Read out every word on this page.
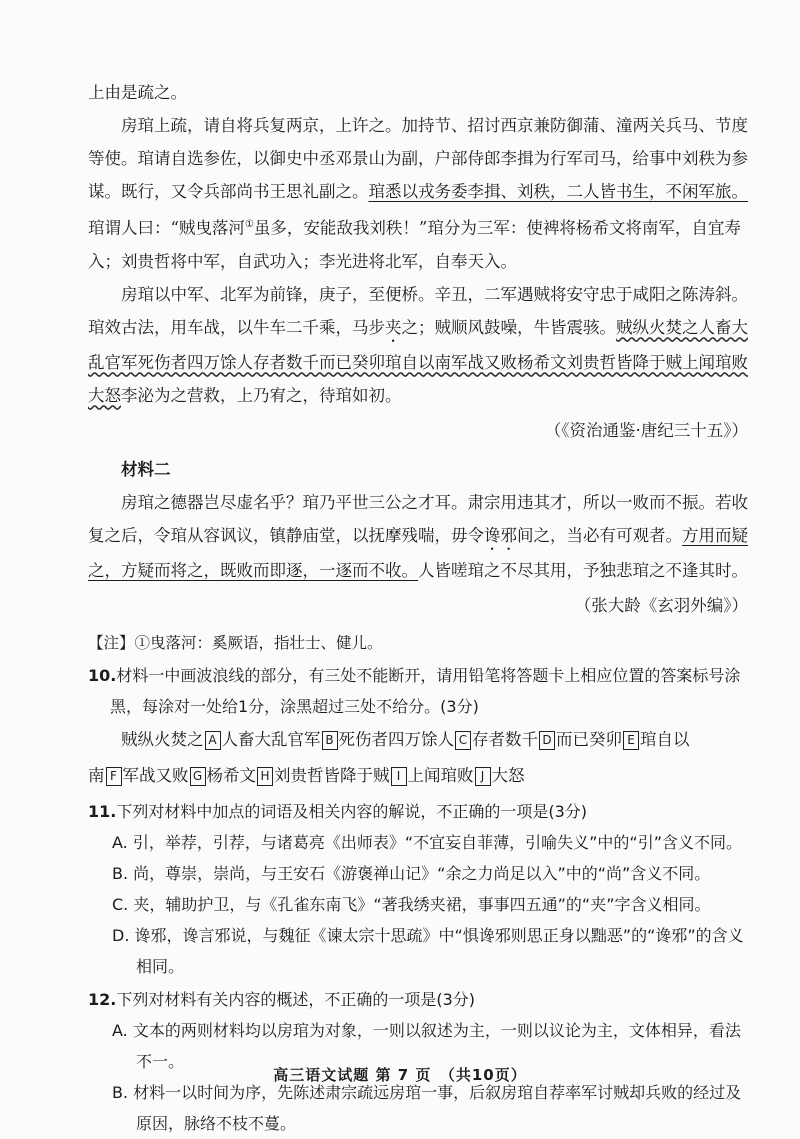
上由是疏之。

房琯上疏，请自将兵复两京，上许之。加持节、招讨西京兼防御蒲、潼两关兵马、节度等使。琯请自选参佐，以御史中丞邓景山为副，户部侍郎李揖为行军司马，给事中刘秩为参谋。既行，又令兵部尚书王思礼副之。琯悉以戎务委李揖、刘秩，二人皆书生，不闲军旅。琯谓人曰：“贼曳落河①虽多，安能敌我刘秩！”琯分为三军：使裨将杨希文将南军，自宜寿入；刘贵哲将中军，自武功入；李光进将北军，自奉天入。

房琯以中军、北军为前锋，庚子，至便桥。辛丑，二军遇贼将安守忠于咸阳之陈涛斜。琯效古法，用车战，以牛车二千乘，马步夹之；贼顺风鼓噪，牛皆震骇。贼纵火焚之人畜大乱官军死伤者四万馀人存者数千而已癸卯琯自以南军战又败杨希文刘贵哲皆降于贼上闻琯败大怒李泌为之营救，上乃宥之，待琯如初。

（《资治通鉴·唐纪三十五》）

材料二

房琯之德器岂尽虚名乎？琯乃平世三公之才耳。肃宗用违其才，所以一败而不振。若收复之后，令琯从容讽议，镇静庙堂，以抚摩残喘，毋令谗邪间之，当必有可观者。方用而疑之，方疑而将之，既败而即逐，一逐而不收。人皆嗟琯之不尽其用，予独悲琯之不逢其时。

（张大龄《玄羽外编》）

【注】①曳落河：奚厥语，指壮士、健儿。

10.材料一中画波浪线的部分，有三处不能断开，请用铅笔将答题卡上相应位置的答案标号涂黑，每涂对一处给1分，涂黑超过三处不给分。(3分)

贼纵火焚之 A 人畜大乱官军 B 死伤者四万馀人 C 存者数千 D 而已癸卯 E 琯自以

南 F 军战又败 G 杨希文 H 刘贵哲皆降于贼 I 上闻琯败 J 大怒

11.下列对材料中加点的词语及相关内容的解说，不正确的一项是(3分)

A. 引，举荐，引荐，与诸葛亮《出师表》“不宜妄自菲薄，引喻失义”中的“引”含义不同。

B. 尚，尊崇，崇尚，与王安石《游褒禅山记》“余之力尚足以入”中的“尚”含义不同。

C. 夹，辅助护卫，与《孔雀东南飞》“著我绣夹裙，事事四五通”的“夹”字含义相同。

D. 谗邪，谗言邪说，与魏征《谏太宗十思疏》中“惧谗邪则思正身以黜恶”的“谗邪”的含义相同。

12.下列对材料有关内容的概述，不正确的一项是(3分)

A. 文本的两则材料均以房琯为对象，一则以叙述为主，一则以议论为主，文体相异，看法不一。

B. 材料一以时间为序，先陈述肃宗疏远房琯一事，后叙房琯自荐率军讨贼却兵败的经过及原因，脉络不枝不蔓。

高三语文试题 第 7 页　（共10页）
